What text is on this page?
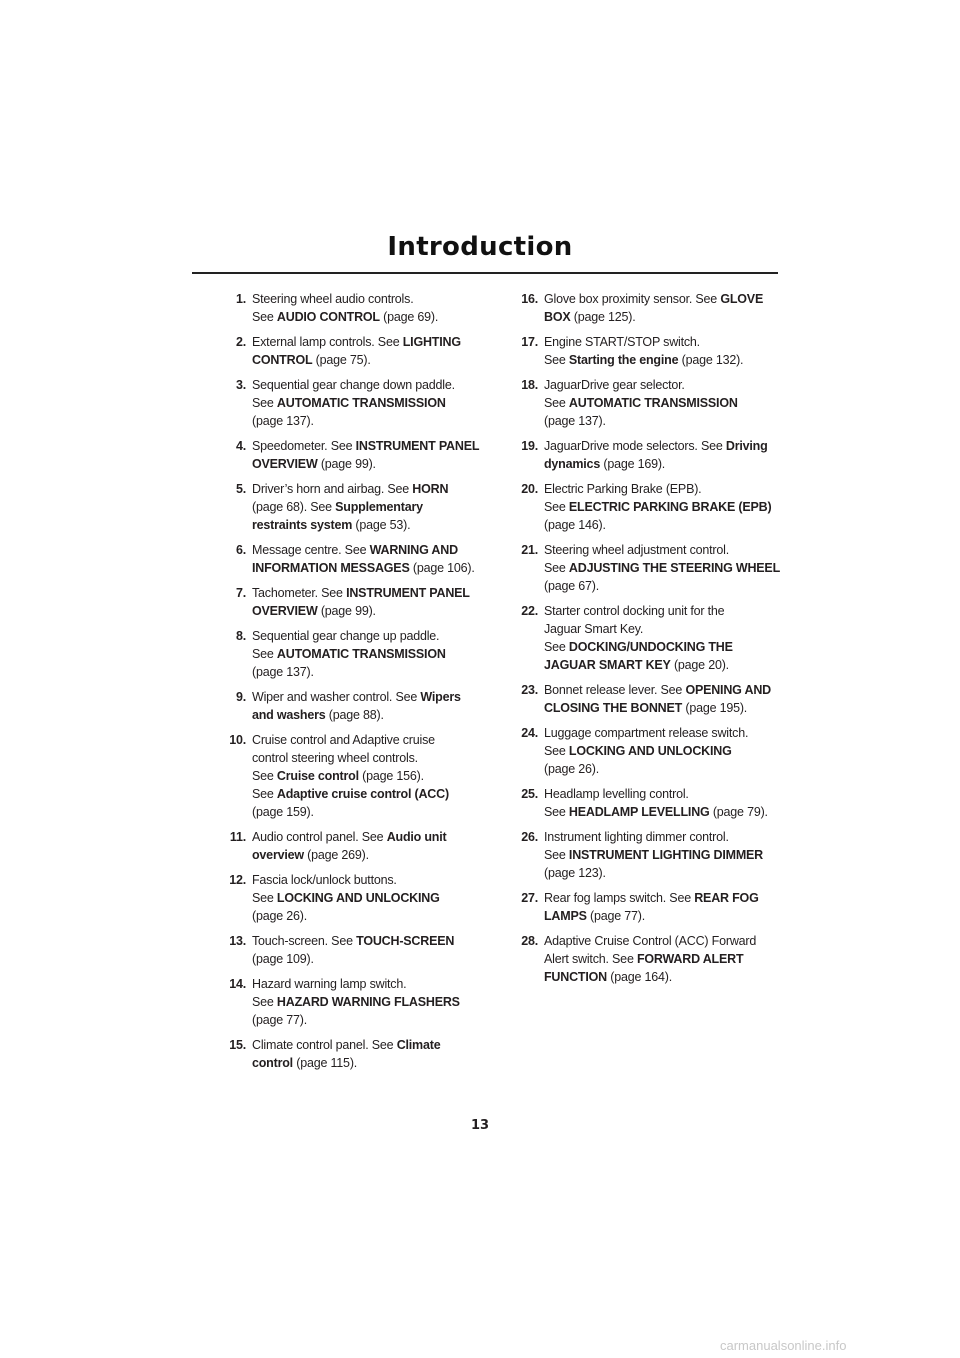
Introduction
1. Steering wheel audio controls.
See AUDIO CONTROL (page 69).
2. External lamp controls. See LIGHTING
CONTROL (page 75).
3. Sequential gear change down paddle.
See AUTOMATIC TRANSMISSION
(page 137).
4. Speedometer. See INSTRUMENT PANEL
OVERVIEW (page 99).
5. Driver’s horn and airbag. See HORN
(page 68). See Supplementary
restraints system (page 53).
6. Message centre. See WARNING AND
INFORMATION MESSAGES (page 106).
7. Tachometer. See INSTRUMENT PANEL
OVERVIEW (page 99).
8. Sequential gear change up paddle.
See AUTOMATIC TRANSMISSION
(page 137).
9. Wiper and washer control. See Wipers
and washers (page 88).
10. Cruise control and Adaptive cruise
control steering wheel controls.
See Cruise control (page 156).
See Adaptive cruise control (ACC)
(page 159).
11. Audio control panel. See Audio unit
overview (page 269).
12. Fascia lock/unlock buttons.
See LOCKING AND UNLOCKING
(page 26).
13. Touch-screen. See TOUCH-SCREEN
(page 109).
14. Hazard warning lamp switch.
See HAZARD WARNING FLASHERS
(page 77).
15. Climate control panel. See Climate
control (page 115).
16. Glove box proximity sensor. See GLOVE
BOX (page 125).
17. Engine START/STOP switch.
See Starting the engine (page 132).
18. JaguarDrive gear selector.
See AUTOMATIC TRANSMISSION
(page 137).
19. JaguarDrive mode selectors. See Driving
dynamics (page 169).
20. Electric Parking Brake (EPB).
See ELECTRIC PARKING BRAKE (EPB)
(page 146).
21. Steering wheel adjustment control.
See ADJUSTING THE STEERING WHEEL
(page 67).
22. Starter control docking unit for the
Jaguar Smart Key.
See DOCKING/UNDOCKING THE
JAGUAR SMART KEY (page 20).
23. Bonnet release lever. See OPENING AND
CLOSING THE BONNET (page 195).
24. Luggage compartment release switch.
See LOCKING AND UNLOCKING
(page 26).
25. Headlamp levelling control.
See HEADLAMP LEVELLING (page 79).
26. Instrument lighting dimmer control.
See INSTRUMENT LIGHTING DIMMER
(page 123).
27. Rear fog lamps switch. See REAR FOG
LAMPS (page 77).
28. Adaptive Cruise Control (ACC) Forward
Alert switch. See FORWARD ALERT
FUNCTION (page 164).
13
carmanualsonline.info
